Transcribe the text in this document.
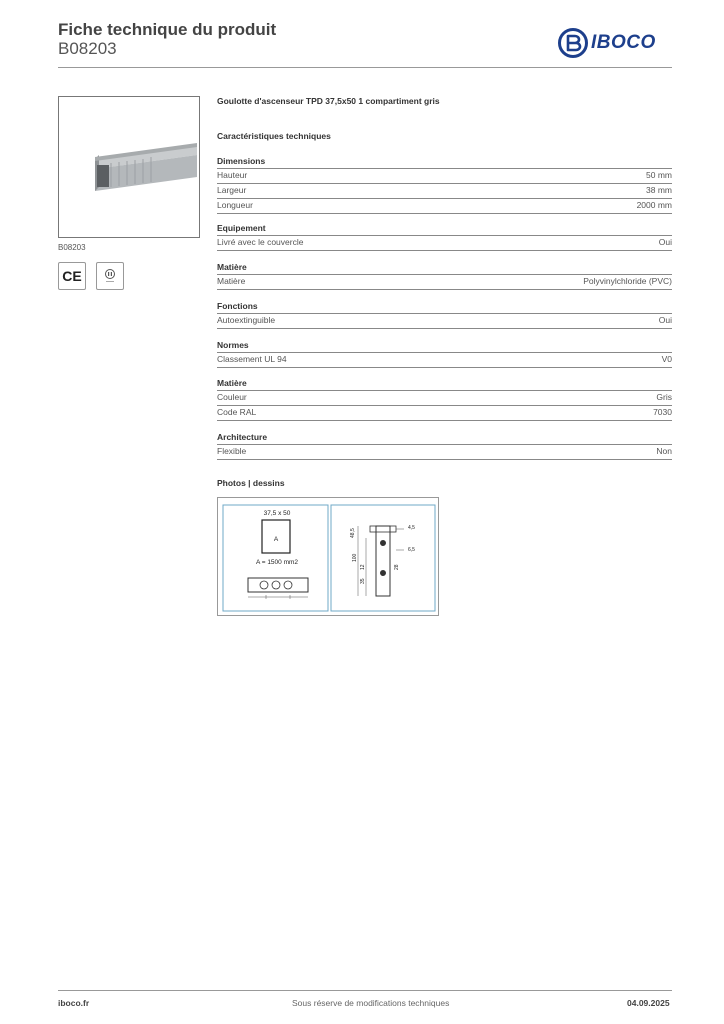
Fiche technique du produit
B08203	IBOCO
B08203
CE
Goulotte d'ascenseur TPD 37,5x50 1 compartiment gris
Caractéristiques techniques
Dimensions
Hauteur	50 mm
Largeur	38 mm
Longueur	2000 mm
Equipement
Livré avec le couvercle	Oui
Matière
Matière	Polyvinylchloride (PVC)
Fonctions
Autoextinguible	Oui
Normes
Classement UL 94	V0
Matière
Couleur	Gris
Code RAL	7030
Architecture
Flexible	Non
Photos | dessins
37,5 x 50
A
A = 1500 mm2
4,5
6,5
48,5
100
12
35
28
iboco.fr	Sous réserve de modifications techniques	04.09.2025
